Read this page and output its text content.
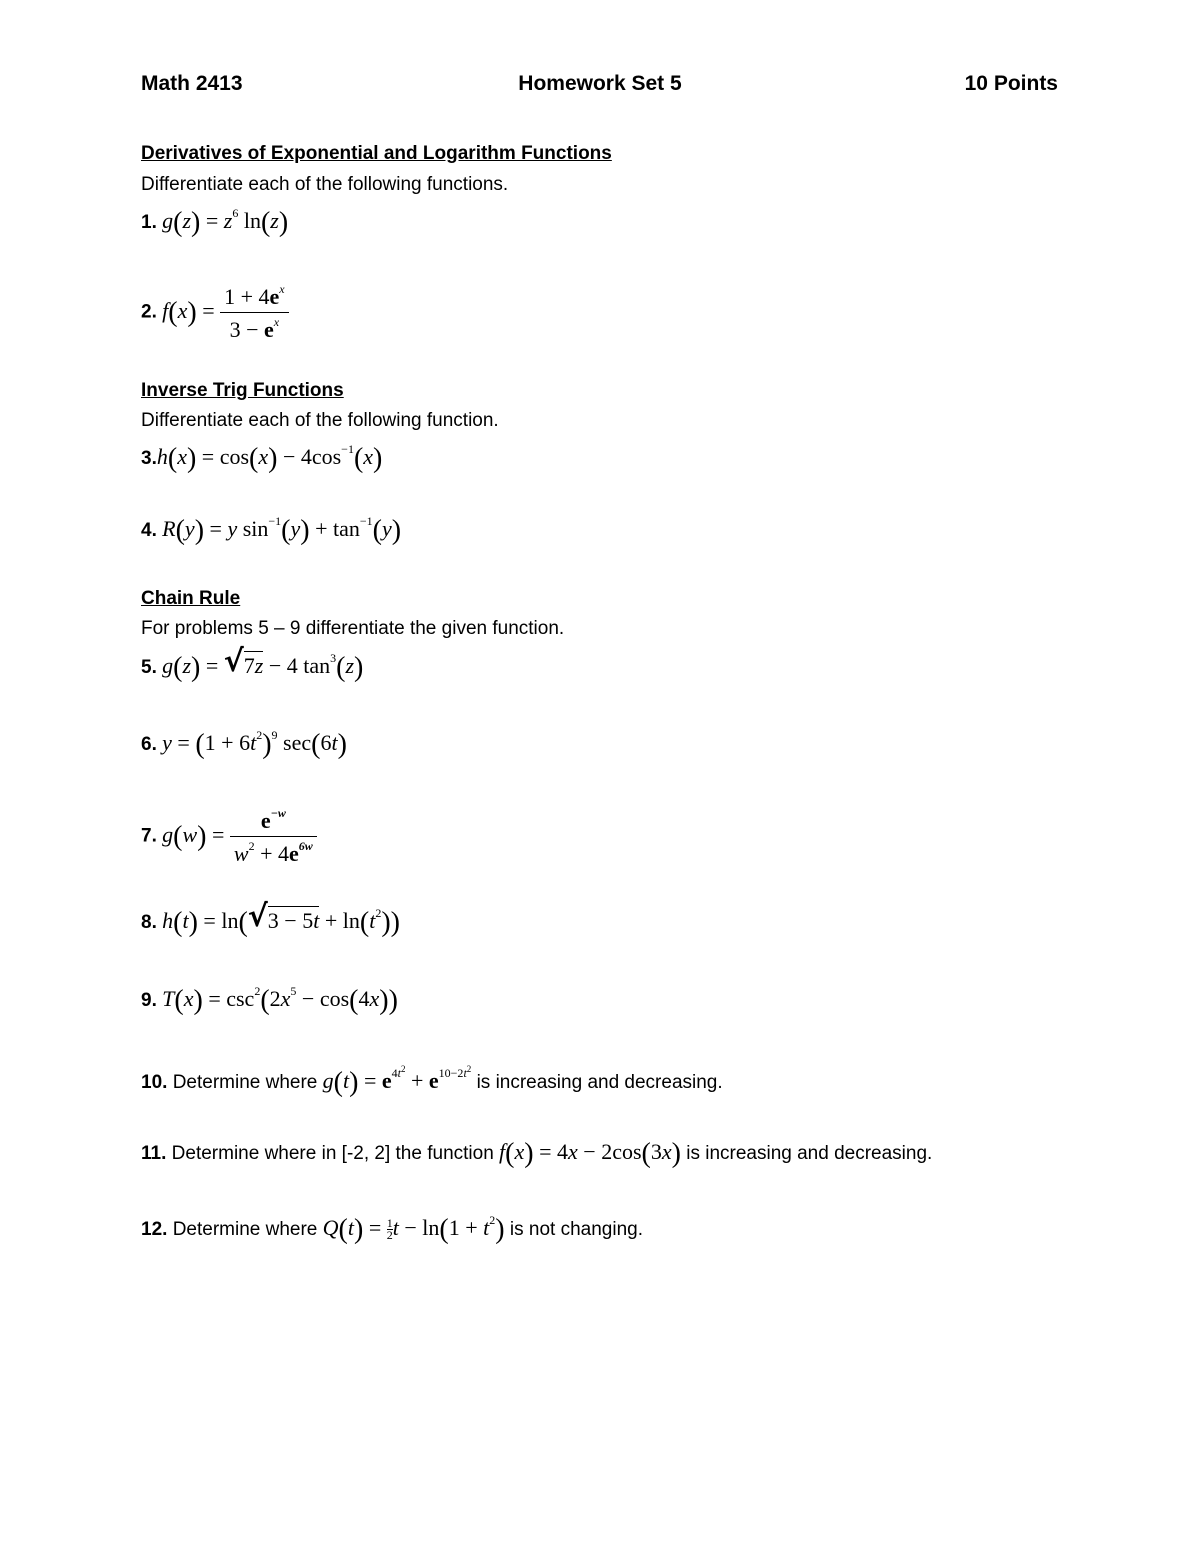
Math 2413	Homework Set 5	10 Points
Derivatives of Exponential and Logarithm Functions
Differentiate each of the following functions.
1. $g(z) = z^6$ ln(z)
2. $f(x) = \frac{1 + 4e^x}{3 - e^x}$
Inverse Trig Functions
Differentiate each of the following function.
$3.h(x) = \cos(x) - 4\cos^{-1}(x)$
4. R(y) = y $\sin^{-1}(y) + \tan^{-1}(y)$
Chain Rule
For problems 5 – 9 differentiate the given function.
5. g(z) = √ 7z − 4 $\tan^3(z)$
6. $y = (1 + 6t^2)^9$ sec(6t)
7. $g(w) = \frac{e^{-w}}{w^2 + 4e^{6w}}$
8. h(t) = ln( √ $3 - 5t + \ln(t^2)$)
9. $T(x) = \csc^2(2x^5 - \cos(4x))$
10. Determine where $g(t) = e^{4t^2} + e^{10-2t^2}$ is increasing and decreasing.
11. Determine where in [-2, 2] the function f(x) = 4x − 2cos(3x) is increasing and decreasing.
12. Determine where $Q(t) = \frac{1}{2}$ $t - \ln(1 + t^2)$ is not changing.
